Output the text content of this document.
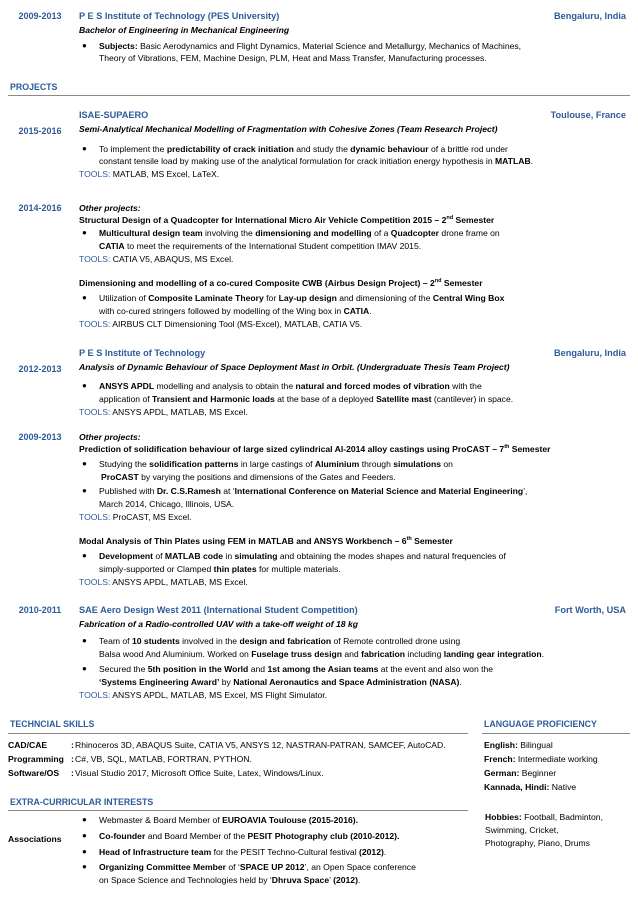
2009-2013	P E S Institute of Technology (PES University)	Bengaluru, India
Bachelor of Engineering in Mechanical Engineering
● Subjects: Basic Aerodynamics and Flight Dynamics, Material Science and Metallurgy, Mechanics of Machines,
Theory of Vibrations, FEM, Machine Design, PLM, Heat and Mass Transfer, Manufacturing processes.
PROJECTS
ISAE-SUPAERO	Toulouse, France
2015-2016	Semi-Analytical Mechanical Modelling of Fragmentation with Cohesive Zones (Team Research Project)
● To implement the predictability of crack initiation and study the dynamic behaviour of a brittle rod under
constant tensile load by making use of the analytical formulation for crack initiation energy hypothesis in MATLAB.
TOOLS: MATLAB, MS Excel, LaTeX.
2014-2016	Other projects:
Structural Design of a Quadcopter for International Micro Air Vehicle Competition 2015 – 2nd Semester
● Multicultural design team involving the dimensioning and modelling of a Quadcopter drone frame on
CATIA to meet the requirements of the International Student competition IMAV 2015.
TOOLS: CATIA V5, ABAQUS, MS Excel.
Dimensioning and modelling of a co-cured Composite CWB (Airbus Design Project) – 2nd Semester
● Utilization of Composite Laminate Theory for Lay-up design and dimensioning of the Central Wing Box
with co-cured stringers followed by modelling of the Wing box in CATIA.
TOOLS: AIRBUS CLT Dimensioning Tool (MS-Excel), MATLAB, CATIA V5.
P E S Institute of Technology	Bengaluru, India
2012-2013	Analysis of Dynamic Behaviour of Space Deployment Mast in Orbit. (Undergraduate Thesis Team Project)
● ANSYS APDL modelling and analysis to obtain the natural and forced modes of vibration with the
application of Transient and Harmonic loads at the base of a deployed Satellite mast (cantilever) in space.
TOOLS: ANSYS APDL, MATLAB, MS Excel.
2009-2013	Other projects:
Prediction of solidification behaviour of large sized cylindrical Al-2014 alloy castings using ProCAST – 7th Semester
● Studying the solidification patterns in large castings of Aluminium through simulations on
ProCAST by varying the positions and dimensions of the Gates and Feeders.
● Published with Dr. C.S.Ramesh at ‘International Conference on Material Science and Material Engineering’,
March 2014, Chicago, Illinois, USA.
TOOLS: ProCAST, MS Excel.
Modal Analysis of Thin Plates using FEM in MATLAB and ANSYS Workbench – 6th Semester
● Development of MATLAB code in simulating and obtaining the modes shapes and natural frequencies of
simply-supported or Clamped thin plates for multiple materials.
TOOLS: ANSYS APDL, MATLAB, MS Excel.
2010-2011	SAE Aero Design West 2011 (International Student Competition)	Fort Worth, USA
Fabrication of a Radio-controlled UAV with a take-off weight of 18 kg
● Team of 10 students involved in the design and fabrication of Remote controlled drone using
Balsa wood And Aluminium. Worked on Fuselage truss design and fabrication including landing gear integration.
● Secured the 5th position in the World and 1st among the Asian teams at the event and also won the
‘Systems Engineering Award’ by National Aeronautics and Space Administration (NASA).
TOOLS: ANSYS APDL, MATLAB, MS Excel, MS Flight Simulator.
TECHNCIAL SKILLS	LANGUAGE PROFICIENCY
CAD/CAE	: Rhinoceros 3D, ABAQUS Suite, CATIA V5, ANSYS 12, NASTRAN-PATRAN, SAMCEF, AutoCAD.
Programming : C#, VB, SQL, MATLAB, FORTRAN, PYTHON.
Software/OS : Visual Studio 2017, Microsoft Office Suite, Latex, Windows/Linux.
English: Bilingual
French: Intermediate working
German: Beginner
Kannada, Hindi: Native
EXTRA-CURRICULAR INTERESTS
Associations
● Webmaster & Board Member of EUROAVIA Toulouse (2015-2016).
● Co-founder and Board Member of the PESIT Photography club (2010-2012).
● Head of Infrastructure team for the PESIT Techno-Cultural festival (2012).
● Organizing Committee Member of ‘SPACE UP 2012’, an Open Space conference
on Space Science and Technologies held by ‘Dhruva Space’ (2012).
Hobbies: Football, Badminton,
Swimming, Cricket,
Photography, Piano, Drums
